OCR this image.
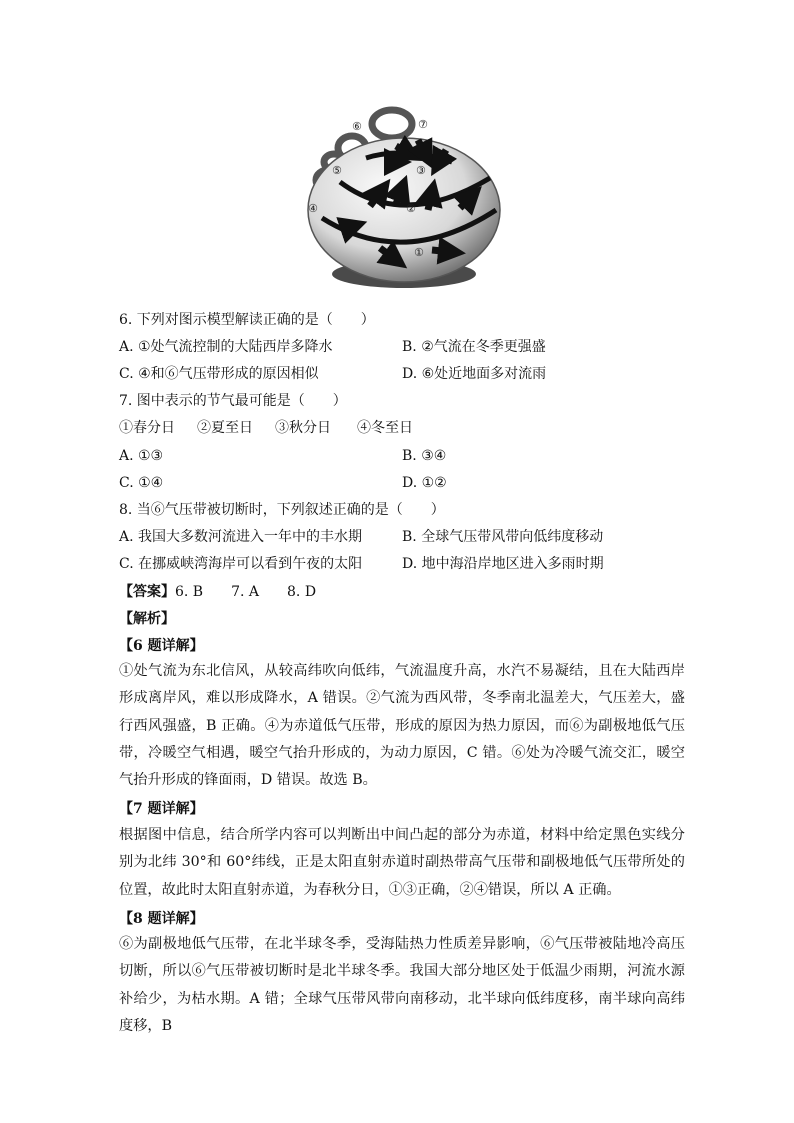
①
②
③
④
⑤
⑥	⑦
6. 下列对图示模型解读正确的是（　　）
A. ①处气流控制的大陆西岸多降水	B. ②气流在冬季更强盛
C. ④和⑥气压带形成的原因相似	D. ⑥处近地面多对流雨
7. 图中表示的节气最可能是（　　）
①春分日 ②夏至日 ③秋分日 ④冬至日
A. ①③	B. ③④
C. ①④	D. ①②
8. 当⑥气压带被切断时，下列叙述正确的是（　　）
A. 我国大多数河流进入一年中的丰水期	B. 全球气压带风带向低纬度移动
C. 在挪威峡湾海岸可以看到午夜的太阳	D. 地中海沿岸地区进入多雨时期
【答案】6. B　　7. A　　8. D
【解析】
【6 题详解】
①处气流为东北信风，从较高纬吹向低纬，气流温度升高，水汽不易凝结，且在大陆西岸形成离岸风，难以形成降水，A 错误。②气流为西风带，冬季南北温差大，气压差大，盛行西风强盛，B 正确。④为赤道低气压带，形成的原因为热力原因，而⑥为副极地低气压带，冷暖空气相遇，暖空气抬升形成的，为动力原因，C 错。⑥处为冷暖气流交汇，暖空气抬升形成的锋面雨，D 错误。故选 B。
【7 题详解】
根据图中信息，结合所学内容可以判断出中间凸起的部分为赤道，材料中给定黑色实线分别为北纬 30°和 60°纬线，正是太阳直射赤道时副热带高气压带和副极地低气压带所处的位置，故此时太阳直射赤道，为春秋分日，①③正确，②④错误，所以 A 正确。
【8 题详解】
⑥为副极地低气压带，在北半球冬季，受海陆热力性质差异影响，⑥气压带被陆地冷高压切断，所以⑥气压带被切断时是北半球冬季。我国大部分地区处于低温少雨期，河流水源补给少，为枯水期。A 错；全球气压带风带向南移动，北半球向低纬度移，南半球向高纬度移，B
